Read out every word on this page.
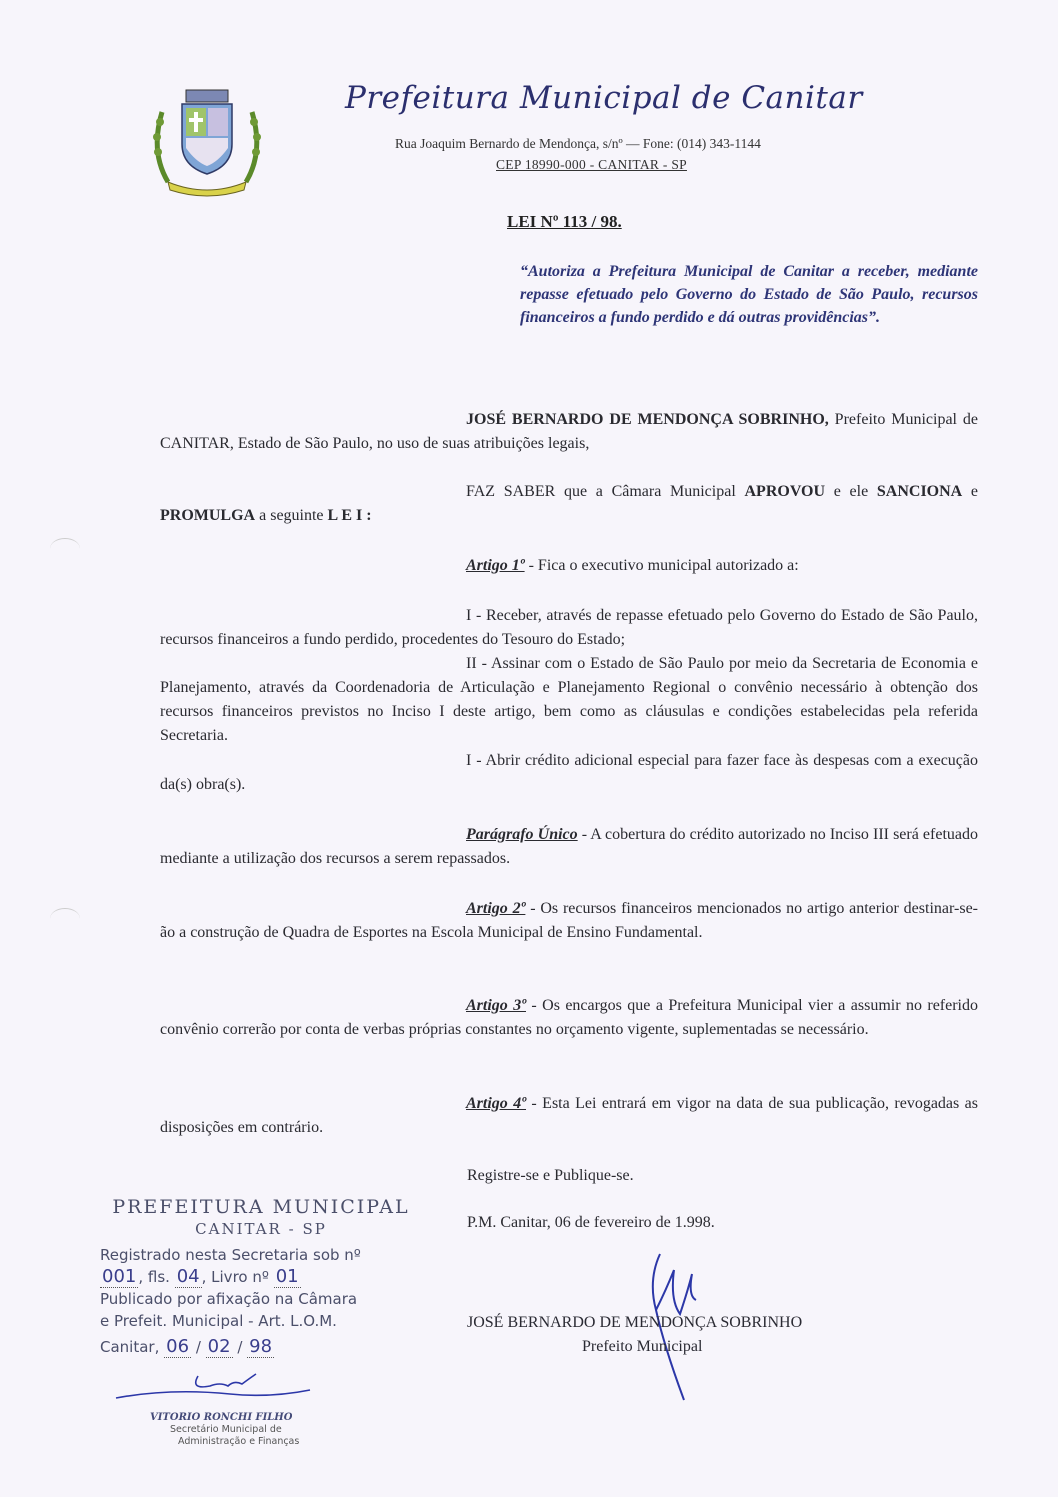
Prefeitura Municipal de Canitar
Rua Joaquim Bernardo de Mendonça, s/nº — Fone: (014) 343-1144
CEP 18990-000 - CANITAR - SP
LEI Nº 113 / 98.
“Autoriza a Prefeitura Municipal de Canitar a receber, mediante repasse efetuado pelo Governo do Estado de São Paulo, recursos financeiros a fundo perdido e dá outras providências”.

JOSÉ BERNARDO DE MENDONÇA SOBRINHO, Prefeito Municipal de CANITAR, Estado de São Paulo, no uso de suas atribuições legais,

FAZ SABER que a Câmara Municipal APROVOU e ele SANCIONA e PROMULGA a seguinte L E I :

Artigo 1º - Fica o executivo municipal autorizado a:

I - Receber, através de repasse efetuado pelo Governo do Estado de São Paulo, recursos financeiros a fundo perdido, procedentes do Tesouro do Estado;

II - Assinar com o Estado de São Paulo por meio da Secretaria de Economia e Planejamento, através da Coordenadoria de Articulação e Planejamento Regional o convênio necessário à obtenção dos recursos financeiros previstos no Inciso I deste artigo, bem como as cláusulas e condições estabelecidas pela referida Secretaria.

I - Abrir crédito adicional especial para fazer face às despesas com a execução da(s) obra(s).

Parágrafo Único - A cobertura do crédito autorizado no Inciso III será efetuado mediante a utilização dos recursos a serem repassados.

Artigo 2º - Os recursos financeiros mencionados no artigo anterior destinar-se-ão a construção de Quadra de Esportes na Escola Municipal de Ensino Fundamental.

Artigo 3º - Os encargos que a Prefeitura Municipal vier a assumir no referido convênio correrão por conta de verbas próprias constantes no orçamento vigente, suplementadas se necessário.

Artigo 4º - Esta Lei entrará em vigor na data de sua publicação, revogadas as disposições em contrário.

Registre-se e Publique-se.
P.M. Canitar, 06 de fevereiro de 1.998.
JOSÉ BERNARDO DE MENDONÇA SOBRINHO
Prefeito Municipal
PREFEITURA MUNICIPAL
CANITAR - SP
Registrado nesta Secretaria sob nº
001 , fls. 04 , Livro nº 01
Publicado por afixação na Câmara
e Prefeit. Municipal - Art. L.O.M.
Canitar, 06 / 02 / 98
VITORIO RONCHI FILHO
Secretário Municipal de
Administração e Finanças
